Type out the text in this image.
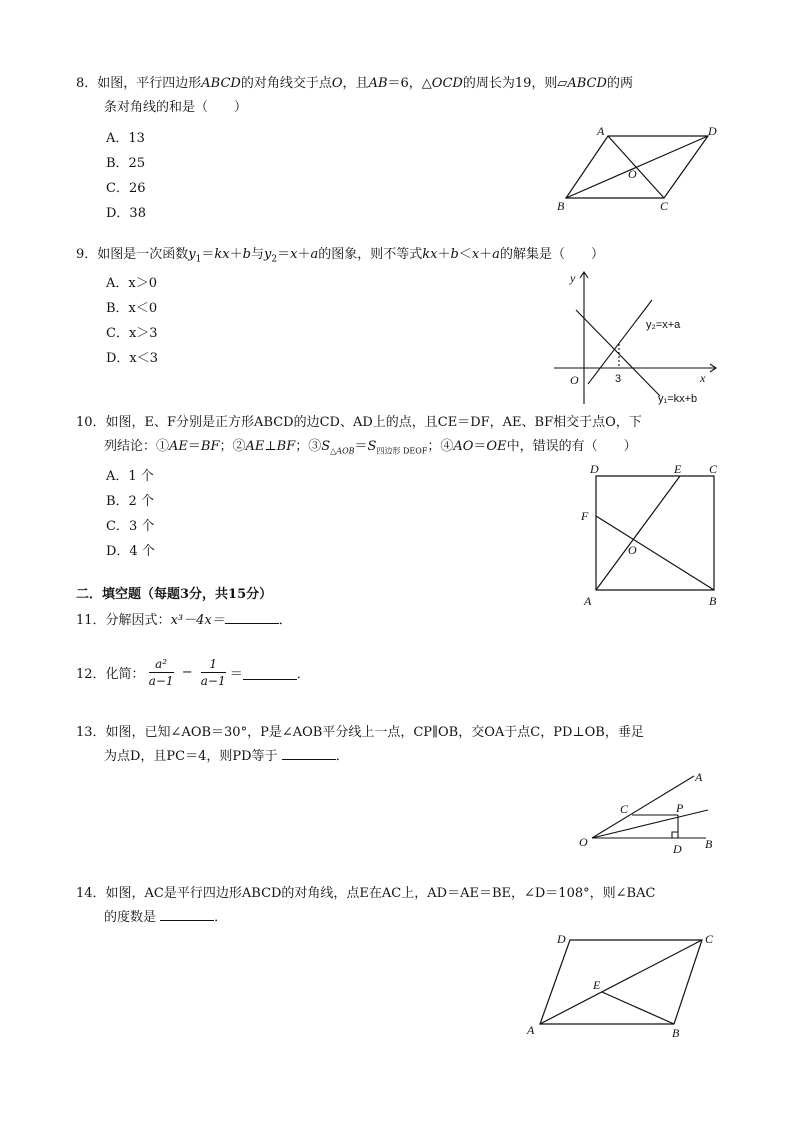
8．如图，平行四边形ABCD的对角线交于点O，且AB＝6，△OCD的周长为19，则▱ABCD的两
条对角线的和是（　　）
A．13
B．25
C．26
D．38
A	D
O
B	C
9．如图是一次函数$y_1=kx+b$与$y_2=x+a$的图象，则不等式kx＋b＜x＋a的解集是（　　）
A．x＞0
B．x＜0
C．x＞3
D．x＜3
y
x
O	3
y₂=x+a
y₁=kx+b
10．如图，E、F分别是正方形ABCD的边CD、AD上的点，且CE＝DF，AE、BF相交于点O，下
列结论：①AE＝BF；②AE⊥BF；$③S_{\triangle AOB}=S_{四边形 DEOF}$；④AO＝OE中，错误的有（　　）
A．1 个
B．2 个
C．3 个
D．4 个
D	E C
F
O
A	B
二．填空题（每题3分，共15分）
11．分解因式：x³－4x＝	．
12．化简： $\frac{\text{a²}}{a-1} - \frac{1}{a-1}$ ＝	．
13．如图，已知∠AOB＝30°，P是∠AOB平分线上一点，CP∥OB，交OA于点C，PD⊥OB，垂足
为点D，且PC＝4，则PD等于	．
A
C	P
O	D B
14．如图，AC是平行四边形ABCD的对角线，点E在AC上，AD＝AE＝BE，∠D＝108°，则∠BAC
的度数是	．
D	C
E
A	B
